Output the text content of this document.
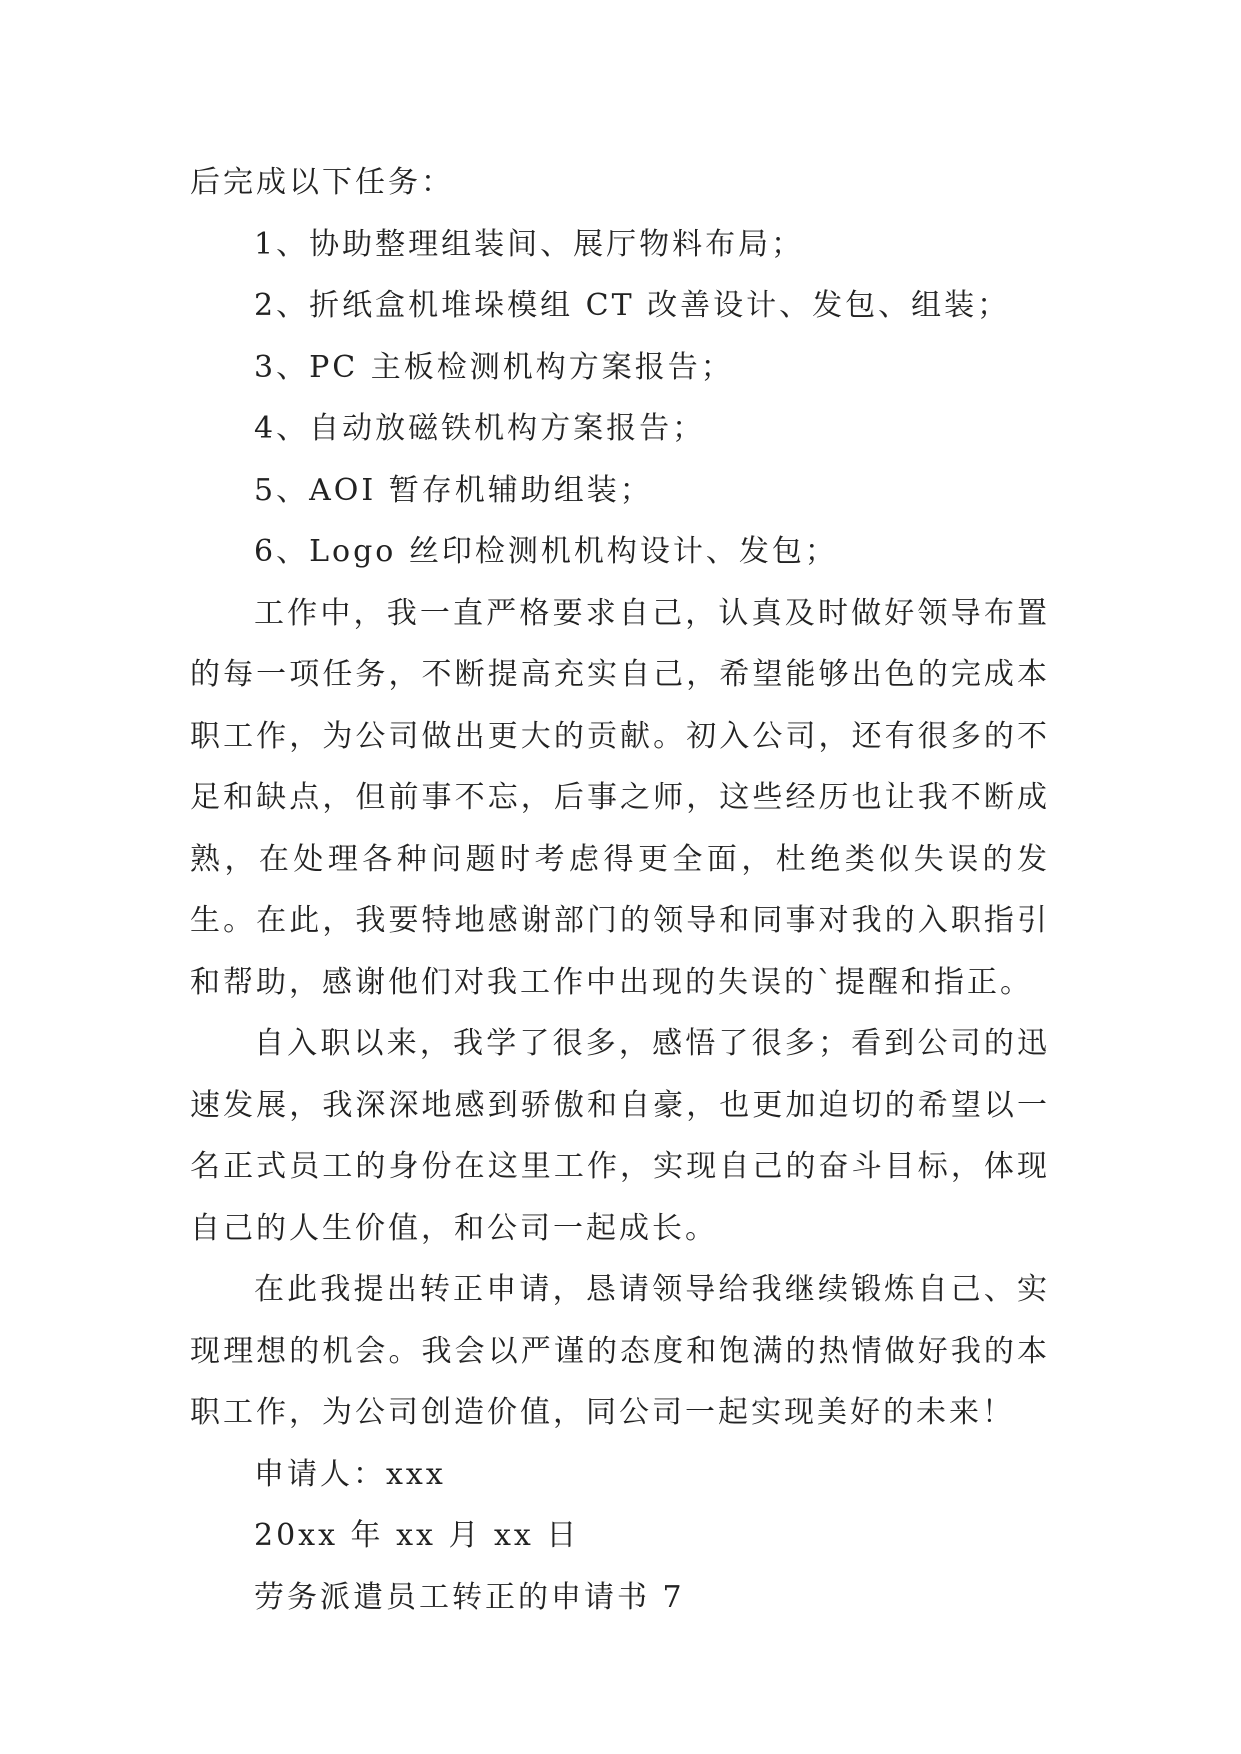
后完成以下任务：

1、协助整理组装间、展厅物料布局；

2、折纸盒机堆垛模组 CT 改善设计、发包、组装；

3、PC 主板检测机构方案报告；

4、自动放磁铁机构方案报告；

5、AOI 暂存机辅助组装；

6、Logo 丝印检测机机构设计、发包；

工作中，我一直严格要求自己，认真及时做好领导布置的每一项任务，不断提高充实自己，希望能够出色的完成本职工作，为公司做出更大的贡献。初入公司，还有很多的不足和缺点，但前事不忘，后事之师，这些经历也让我不断成熟，在处理各种问题时考虑得更全面，杜绝类似失误的发生。在此，我要特地感谢部门的领导和同事对我的入职指引和帮助，感谢他们对我工作中出现的失误的`提醒和指正。

自入职以来，我学了很多，感悟了很多；看到公司的迅速发展，我深深地感到骄傲和自豪，也更加迫切的希望以一名正式员工的身份在这里工作，实现自己的奋斗目标，体现自己的人生价值，和公司一起成长。

在此我提出转正申请，恳请领导给我继续锻炼自己、实现理想的机会。我会以严谨的态度和饱满的热情做好我的本职工作，为公司创造价值，同公司一起实现美好的未来！

申请人：xxx

20xx 年 xx 月 xx 日

劳务派遣员工转正的申请书 7
